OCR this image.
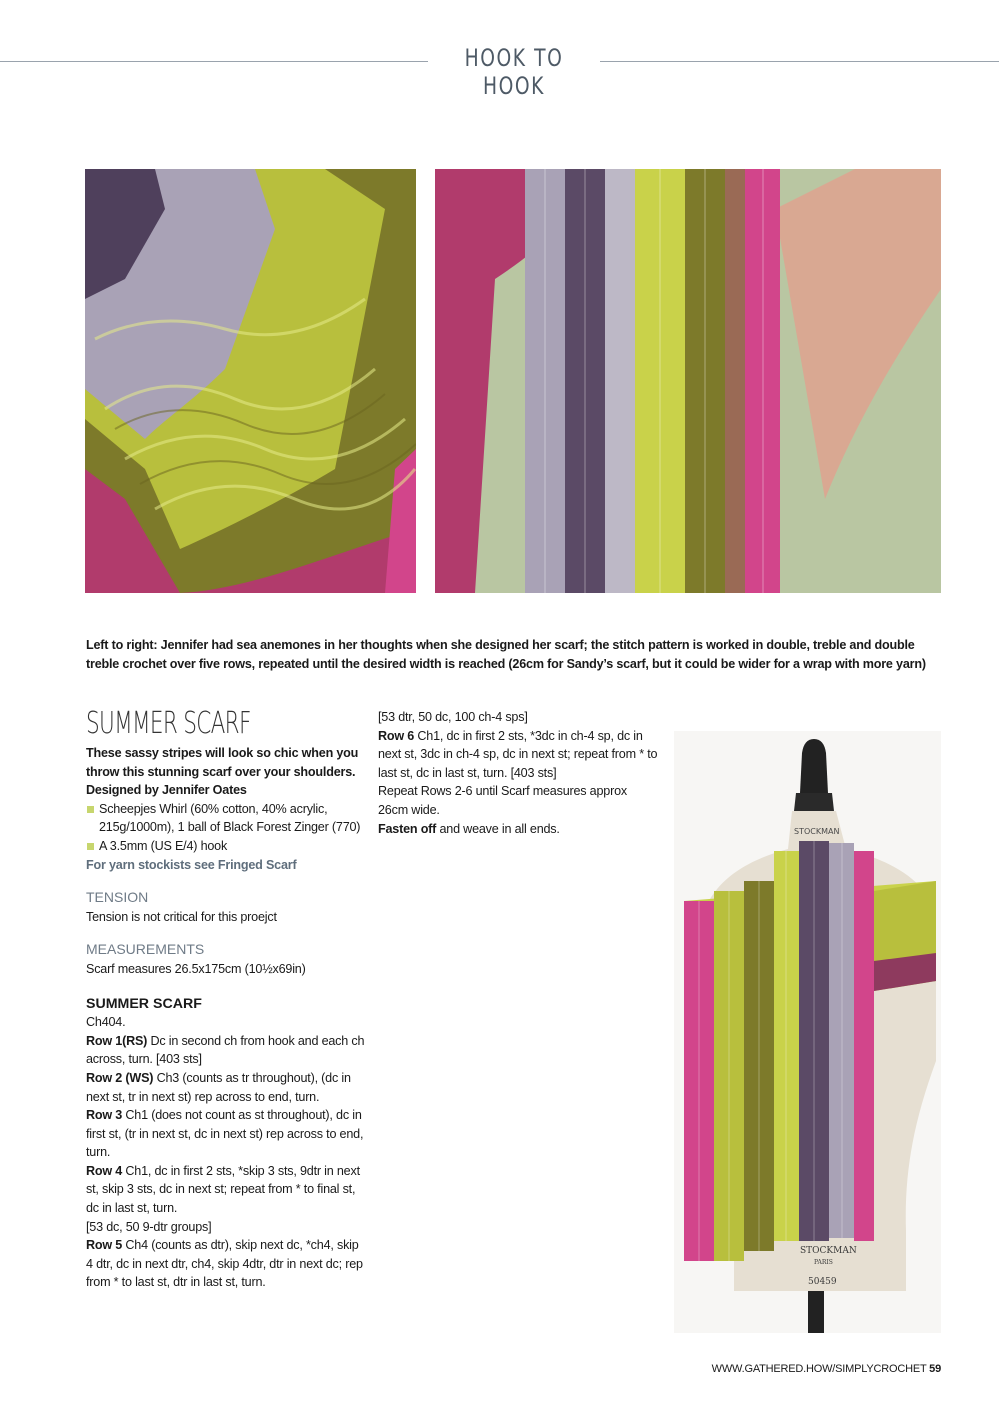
HOOK TO HOOK
Left to right: Jennifer had sea anemones in her thoughts when she designed her scarf; the stitch pattern is worked in double, treble and double treble crochet over five rows, repeated until the desired width is reached (26cm for Sandy’s scarf, but it could be wider for a wrap with more yarn)
SUMMER SCARF

These sassy stripes will look so chic when you throw this stunning scarf over your shoulders. Designed by Jennifer Oates

Scheepjes Whirl (60% cotton, 40% acrylic, 215g/1000m), 1 ball of Black Forest Zinger (770)

A 3.5mm (US E/4) hook

For yarn stockists see Fringed Scarf

TENSION

Tension is not critical for this proejct

MEASUREMENTS

Scarf measures 26.5x175cm (10½x69in)

SUMMER SCARF

Ch404.

Row 1(RS) Dc in second ch from hook and each ch across, turn. [403 sts]

Row 2 (WS) Ch3 (counts as tr throughout), (dc in next st, tr in next st) rep across to end, turn.

Row 3 Ch1 (does not count as st throughout), dc in first st, (tr in next st, dc in next st) rep across to end, turn.

Row 4 Ch1, dc in first 2 sts, *skip 3 sts, 9dtr in next st, skip 3 sts, dc in next st; repeat from * to final st, dc in last st, turn.

[53 dc, 50 9-dtr groups]

Row 5 Ch4 (counts as dtr), skip next dc, *ch4, skip 4 dtr, dc in next dtr, ch4, skip 4dtr, dtr in next dc; rep from * to last st, dtr in last st, turn.

[53 dtr, 50 dc, 100 ch-4 sps]

Row 6 Ch1, dc in first 2 sts, *3dc in ch-4 sp, dc in next st, 3dc in ch-4 sp, dc in next st; repeat from * to last st, dc in last st, turn. [403 sts]

Repeat Rows 2-6 until Scarf measures approx 26cm wide.

Fasten off and weave in all ends.	STOCKMAN
STOCKMAN
PARIS
50459
WWW.GATHERED.HOW/SIMPLYCROCHET 59
